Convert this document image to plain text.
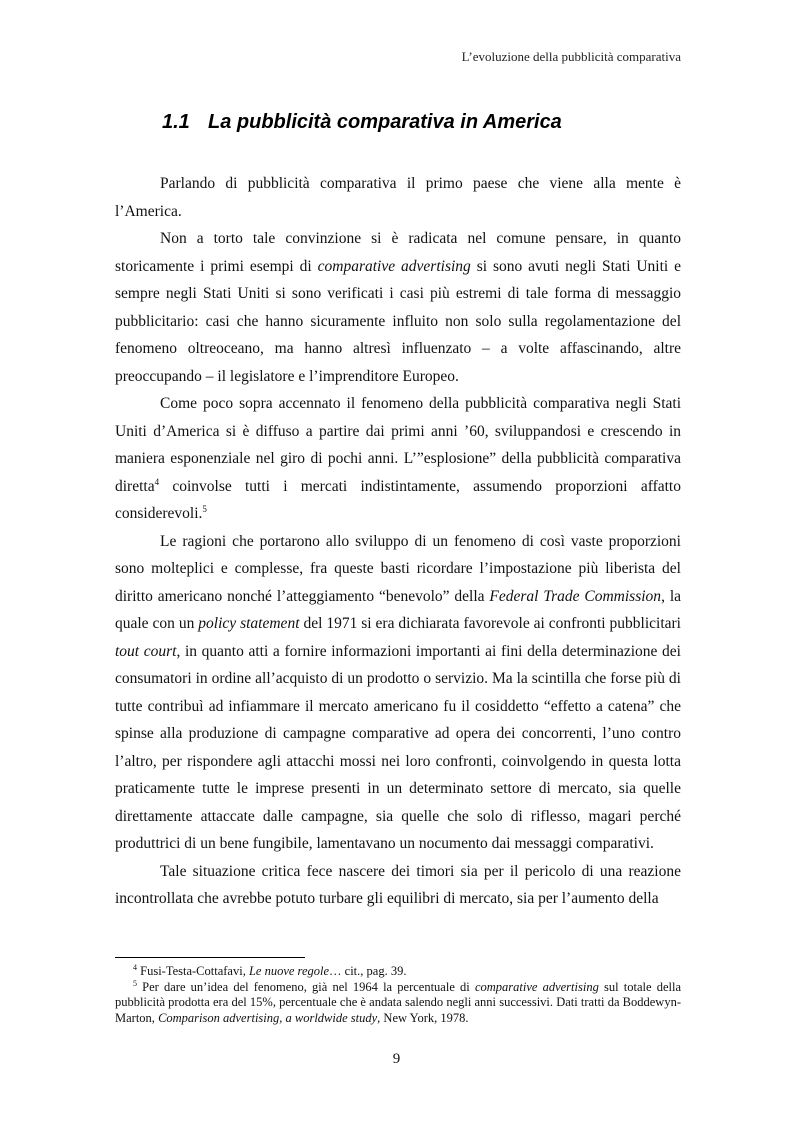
L’evoluzione della pubblicità comparativa
1.1 La pubblicità comparativa in America

Parlando di pubblicità comparativa il primo paese che viene alla mente è l’America.

Non a torto tale convinzione si è radicata nel comune pensare, in quanto storicamente i primi esempi di comparative advertising si sono avuti negli Stati Uniti e sempre negli Stati Uniti si sono verificati i casi più estremi di tale forma di messaggio pubblicitario: casi che hanno sicuramente influito non solo sulla regolamentazione del fenomeno oltreoceano, ma hanno altresì influenzato – a volte affascinando, altre preoccupando – il legislatore e l’imprenditore Europeo.

Come poco sopra accennato il fenomeno della pubblicità comparativa negli Stati Uniti d’America si è diffuso a partire dai primi anni ’60, sviluppandosi e crescendo in maniera esponenziale nel giro di pochi anni. L’”esplosione” della pubblicità comparativa diretta$^4$ coinvolse tutti i mercati indistintamente, assumendo proporzioni affatto considerevoli.$^5$

Le ragioni che portarono allo sviluppo di un fenomeno di così vaste proporzioni sono molteplici e complesse, fra queste basti ricordare l’impostazione più liberista del diritto americano nonché l’atteggiamento “benevolo” della Federal Trade Commission, la quale con un policy statement del 1971 si era dichiarata favorevole ai confronti pubblicitari tout court, in quanto atti a fornire informazioni importanti ai fini della determinazione dei consumatori in ordine all’acquisto di un prodotto o servizio. Ma la scintilla che forse più di tutte contribuì ad infiammare il mercato americano fu il cosiddetto “effetto a catena” che spinse alla produzione di campagne comparative ad opera dei concorrenti, l’uno contro l’altro, per rispondere agli attacchi mossi nei loro confronti, coinvolgendo in questa lotta praticamente tutte le imprese presenti in un determinato settore di mercato, sia quelle direttamente attaccate dalle campagne, sia quelle che solo di riflesso, magari perché produttrici di un bene fungibile, lamentavano un nocumento dai messaggi comparativi.

Tale situazione critica fece nascere dei timori sia per il pericolo di una reazione incontrollata che avrebbe potuto turbare gli equilibri di mercato, sia per l’aumento della

$^4$ Fusi-Testa-Cottafavi, Le nuove regole… cit., pag. 39.

$^5$ Per dare un’idea del fenomeno, già nel 1964 la percentuale di comparative advertising sul totale della pubblicità prodotta era del 15%, percentuale che è andata salendo negli anni successivi. Dati tratti da Boddewyn-Marton, Comparison advertising, a worldwide study, New York, 1978.

9
